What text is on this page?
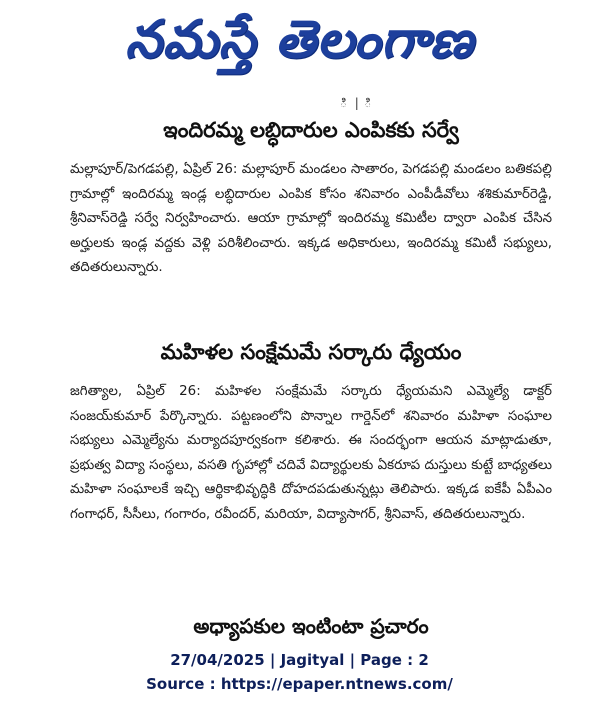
నమస్తే తెలంగాణ
ి | ి
ఇందిరమ్మ లబ్ధిదారుల ఎంపికకు సర్వే

మల్లాపూర్/పెగడపల్లి, ఏప్రిల్ 26: మల్లాపూర్ మండలం సాతారం, పెగడపల్లి మండలం బతికపల్లి గ్రామాల్లో ఇందిరమ్మ ఇండ్ల లబ్ధిదారుల ఎంపిక కోసం శనివారం ఎంపీడీవోలు శశికుమార్‌రెడ్డి, శ్రీనివాస్‌రెడ్డి సర్వే నిర్వహించారు. ఆయా గ్రామాల్లో ఇందిరమ్మ కమిటీల ద్వారా ఎంపిక చేసిన అర్హులకు ఇండ్ల వద్దకు వెళ్లి పరిశీలించారు. ఇక్కడ అధికారులు, ఇందిరమ్మ కమిటీ సభ్యులు, తదితరులున్నారు.

మహిళల సంక్షేమమే సర్కారు ధ్యేయం

జగిత్యాల, ఏప్రిల్ 26: మహిళల సంక్షేమమే సర్కారు ధ్యేయమని ఎమ్మెల్యే డాక్టర్ సంజయ్‌కుమార్ పేర్కొన్నారు. పట్టణంలోని పొన్నాల గార్డెన్‌లో శనివారం మహిళా సంఘాల సభ్యులు ఎమ్మెల్యేను మర్యాదపూర్వకంగా కలిశారు. ఈ సందర్భంగా ఆయన మాట్లాడుతూ, ప్రభుత్వ విద్యా సంస్థలు, వసతి గృహాల్లో చదివే విద్యార్థులకు ఏకరూప దుస్తులు కుట్టే బాధ్యతలు మహిళా సంఘాలకే ఇచ్చి ఆర్థికాభివృద్ధికి దోహదపడుతున్నట్లు తెలిపారు. ఇక్కడ ఐకేపీ ఏపీఎం గంగాధర్, సీసీలు, గంగారం, రవీందర్, మరియా, విద్యాసాగర్, శ్రీనివాస్, తదితరులున్నారు.

అధ్యాపకుల ఇంటింటా ప్రచారం
27/04/2025 | Jagityal | Page : 2
Source : https://epaper.ntnews.com/
